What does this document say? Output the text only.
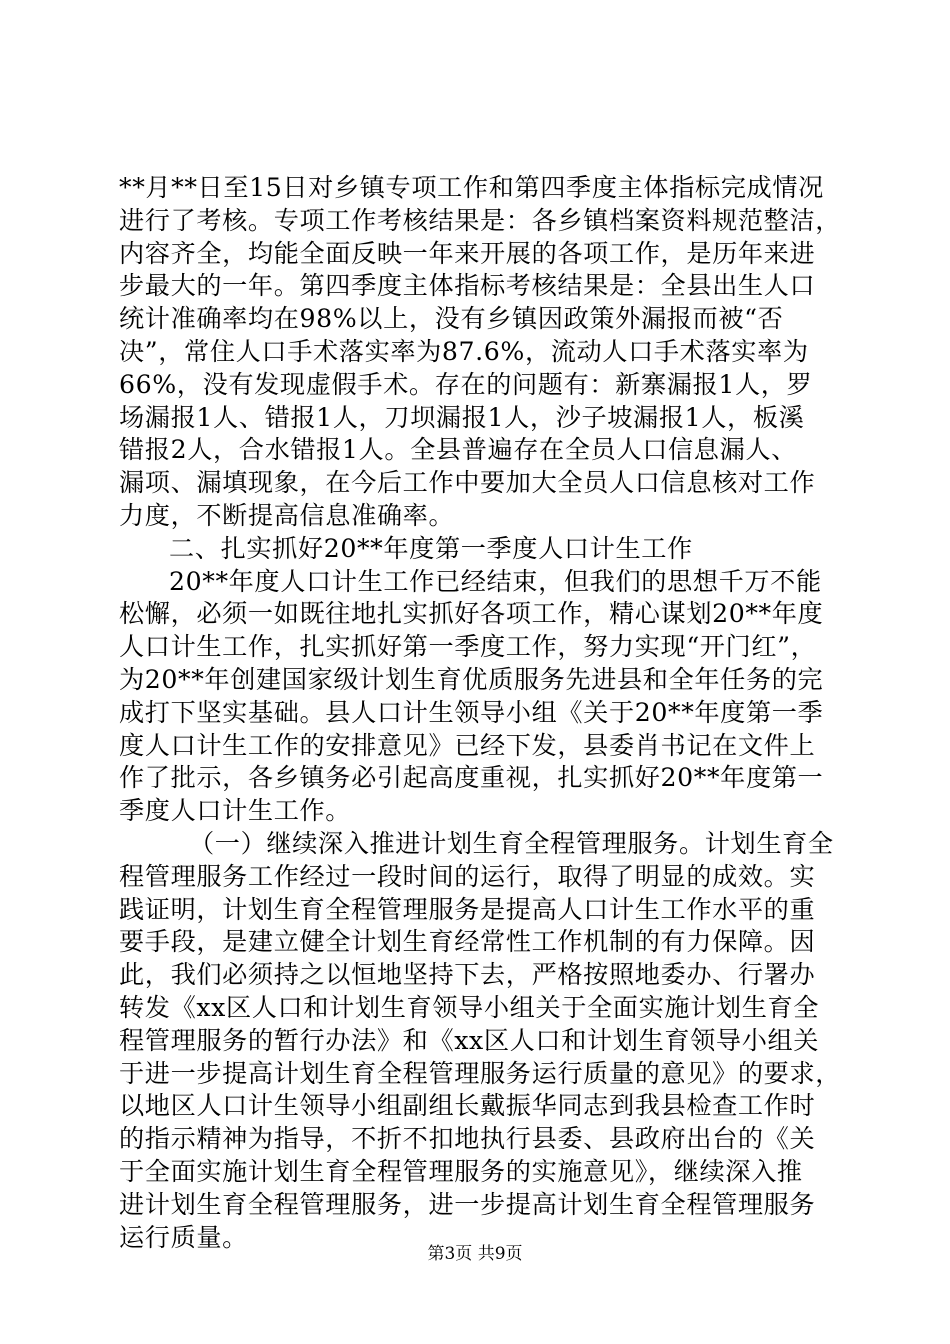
**月**日至15日对乡镇专项工作和第四季度主体指标完成情况
进行了考核。专项工作考核结果是：各乡镇档案资料规范整洁，
内容齐全，均能全面反映一年来开展的各项工作，是历年来进
步最大的一年。第四季度主体指标考核结果是：全县出生人口
统计准确率均在98%以上，没有乡镇因政策外漏报而被“否
决”，常住人口手术落实率为87.6%，流动人口手术落实率为
66%，没有发现虚假手术。存在的问题有：新寨漏报1人，罗
场漏报1人、错报1人，刀坝漏报1人，沙子坡漏报1人，板溪
错报2人，合水错报1人。全县普遍存在全员人口信息漏人、
漏项、漏填现象，在今后工作中要加大全员人口信息核对工作
力度，不断提高信息准确率。
二、扎实抓好20**年度第一季度人口计生工作
20**年度人口计生工作已经结束，但我们的思想千万不能
松懈，必须一如既往地扎实抓好各项工作，精心谋划20**年度
人口计生工作，扎实抓好第一季度工作，努力实现“开门红”，
为20**年创建国家级计划生育优质服务先进县和全年任务的完
成打下坚实基础。县人口计生领导小组《关于20**年度第一季
度人口计生工作的安排意见》已经下发，县委肖书记在文件上
作了批示，各乡镇务必引起高度重视，扎实抓好20**年度第一
季度人口计生工作。
（一）继续深入推进计划生育全程管理服务。计划生育全
程管理服务工作经过一段时间的运行，取得了明显的成效。实
践证明，计划生育全程管理服务是提高人口计生工作水平的重
要手段，是建立健全计划生育经常性工作机制的有力保障。因
此，我们必须持之以恒地坚持下去，严格按照地委办、行署办
转发《xx区人口和计划生育领导小组关于全面实施计划生育全
程管理服务的暂行办法》和《xx区人口和计划生育领导小组关
于进一步提高计划生育全程管理服务运行质量的意见》的要求，
以地区人口计生领导小组副组长戴振华同志到我县检查工作时
的指示精神为指导，不折不扣地执行县委、县政府出台的《关
于全面实施计划生育全程管理服务的实施意见》，继续深入推
进计划生育全程管理服务，进一步提高计划生育全程管理服务
运行质量。
第3页 共9页
